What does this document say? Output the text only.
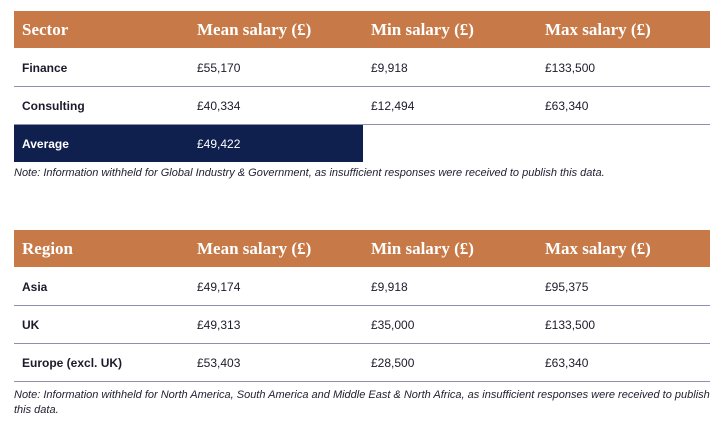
Sector	Mean salary (£)	Min salary (£)	Max salary (£)
Finance	£55,170	£9,918	£133,500
Consulting	£40,334	£12,494	£63,340
Average	£49,422		

Note: Information withheld for Global Industry & Government, as insufficient responses were received to publish this data.

Region	Mean salary (£)	Min salary (£)	Max salary (£)
Asia	£49,174	£9,918	£95,375
UK	£49,313	£35,000	£133,500
Europe (excl. UK)	£53,403	£28,500	£63,340

Note: Information withheld for North America, South America and Middle East & North Africa, as insufficient responses were received to publish this data.
